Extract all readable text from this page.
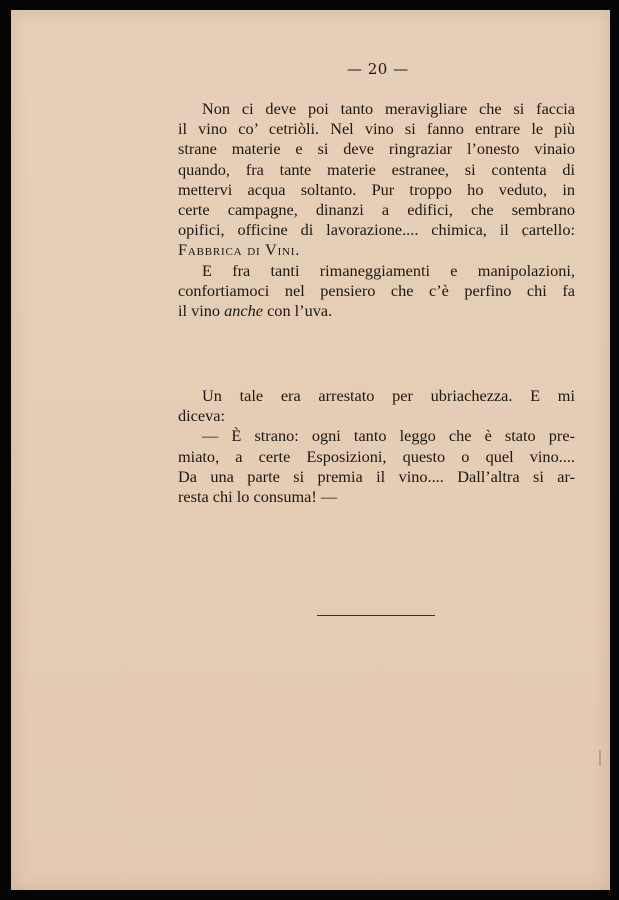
— 20 —
Non ci deve poi tanto meravigliare che si faccia
il vino co’ cetriòli. Nel vino si fanno entrare le più
strane materie e si deve ringraziar l’onesto vinaio
quando, fra tante materie estranee, si contenta di
mettervi acqua soltanto. Pur troppo ho veduto, in
certe campagne, dinanzi a edifici, che sembrano
opifici, officine di lavorazione.... chimica, il cartello:
Fabbrica di Vini.
E fra tanti rimaneggiamenti e manipolazioni,
confortiamoci nel pensiero che c’è perfino chi fa
il vino anche con l’uva.
Un tale era arrestato per ubriachezza. E mi
diceva:
— È strano: ogni tanto leggo che è stato pre-
miato, a certe Esposizioni, questo o quel vino....
Da una parte si premia il vino.... Dall’altra si ar-
resta chi lo consuma! —
